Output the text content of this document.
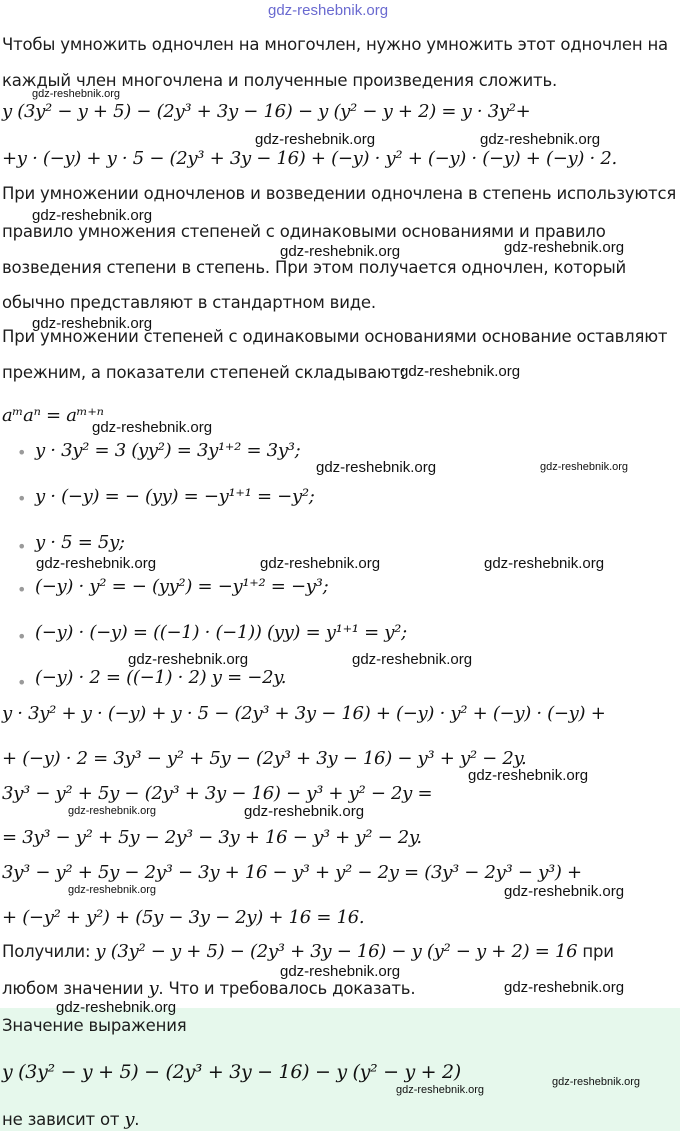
gdz-reshebnik.org
Чтобы умножить одночлен на многочлен, нужно умножить этот одночлен на
каждый член многочлена и полученные произведения сложить.
y (3y² − y + 5) − (2y³ + 3y − 16) − y (y² − y + 2) = y · 3y²+
+y · (−y) + y · 5 − (2y³ + 3y − 16) + (−y) · y² + (−y) · (−y) + (−y) · 2.
При умножении одночленов и возведении одночлена в степень используются
правило умножения степеней с одинаковыми основаниями и правило
возведения степени в степень. При этом получается одночлен, который
обычно представляют в стандартном виде.
При умножении степеней с одинаковыми основаниями основание оставляют
прежним, а показатели степеней складывают:
aᵐaⁿ = aᵐ⁺ⁿ
• y · 3y² = 3 (yy²) = 3y¹⁺² = 3y³;
• y · (−y) = − (yy) = −y¹⁺¹ = −y²;
• y · 5 = 5y;
• (−y) · y² = − (yy²) = −y¹⁺² = −y³;
• (−y) · (−y) = ((−1) · (−1)) (yy) = y¹⁺¹ = y²;
• (−y) · 2 = ((−1) · 2) y = −2y.
y · 3y² + y · (−y) + y · 5 − (2y³ + 3y − 16) + (−y) · y² + (−y) · (−y) +
+ (−y) · 2 = 3y³ − y² + 5y − (2y³ + 3y − 16) − y³ + y² − 2y.
3y³ − y² + 5y − (2y³ + 3y − 16) − y³ + y² − 2y =
= 3y³ − y² + 5y − 2y³ − 3y + 16 − y³ + y² − 2y.
3y³ − y² + 5y − 2y³ − 3y + 16 − y³ + y² − 2y = (3y³ − 2y³ − y³) +
+ (−y² + y²) + (5y − 3y − 2y) + 16 = 16.
Получили: y (3y² − y + 5) − (2y³ + 3y − 16) − y (y² − y + 2) = 16 при
любом значении y. Что и требовалось доказать.
Значение выражения
y (3y² − y + 5) − (2y³ + 3y − 16) − y (y² − y + 2)
не зависит от y.
gdz-reshebnik.org
gdz-reshebnik.org	gdz-reshebnik.org
gdz-reshebnik.org
gdz-reshebnik.org	gdz-reshebnik.org
gdz-reshebnik.org
gdz-reshebnik.org
gdz-reshebnik.org
gdz-reshebnik.org	gdz-reshebnik.org
gdz-reshebnik.org	gdz-reshebnik.org	gdz-reshebnik.org
gdz-reshebnik.org	gdz-reshebnik.org
gdz-reshebnik.org
gdz-reshebnik.org	gdz-reshebnik.org
gdz-reshebnik.org	gdz-reshebnik.org
gdz-reshebnik.org
gdz-reshebnik.org
gdz-reshebnik.org
gdz-reshebnik.org
gdz-reshebnik.org
